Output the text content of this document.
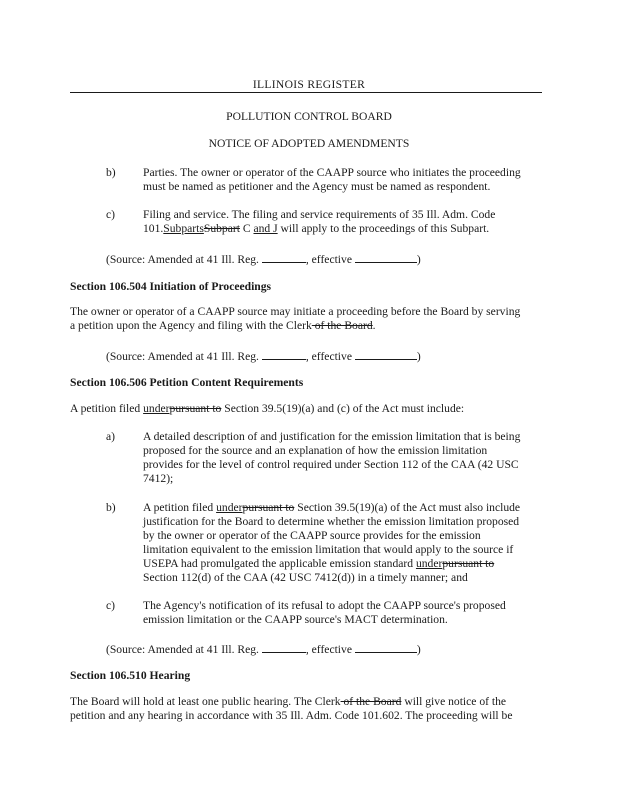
ILLINOIS REGISTER
POLLUTION CONTROL BOARD
NOTICE OF ADOPTED AMENDMENTS
b) Parties. The owner or operator of the CAAPP source who initiates the proceeding
must be named as petitioner and the Agency must be named as respondent.
c) Filing and service. The filing and service requirements of 35 Ill. Adm. Code
101.SubpartsSubpart C and J will apply to the proceedings of this Subpart.
(Source: Amended at 41 Ill. Reg.	, effective	)
Section 106.504 Initiation of Proceedings
The owner or operator of a CAAPP source may initiate a proceeding before the Board by serving
a petition upon the Agency and filing with the Clerk of the Board.
(Source: Amended at 41 Ill. Reg.	, effective	)
Section 106.506 Petition Content Requirements
A petition filed underpursuant to Section 39.5(19)(a) and (c) of the Act must include:
a) A detailed description of and justification for the emission limitation that is being
proposed for the source and an explanation of how the emission limitation
provides for the level of control required under Section 112 of the CAA (42 USC
7412);
b) A petition filed underpursuant to Section 39.5(19)(a) of the Act must also include
justification for the Board to determine whether the emission limitation proposed
by the owner or operator of the CAAPP source provides for the emission
limitation equivalent to the emission limitation that would apply to the source if
USEPA had promulgated the applicable emission standard underpursuant to
Section 112(d) of the CAA (42 USC 7412(d)) in a timely manner; and
c) The Agency's notification of its refusal to adopt the CAAPP source's proposed
emission limitation or the CAAPP source's MACT determination.
(Source: Amended at 41 Ill. Reg.	, effective	)
Section 106.510 Hearing
The Board will hold at least one public hearing. The Clerk of the Board will give notice of the
petition and any hearing in accordance with 35 Ill. Adm. Code 101.602. The proceeding will be
